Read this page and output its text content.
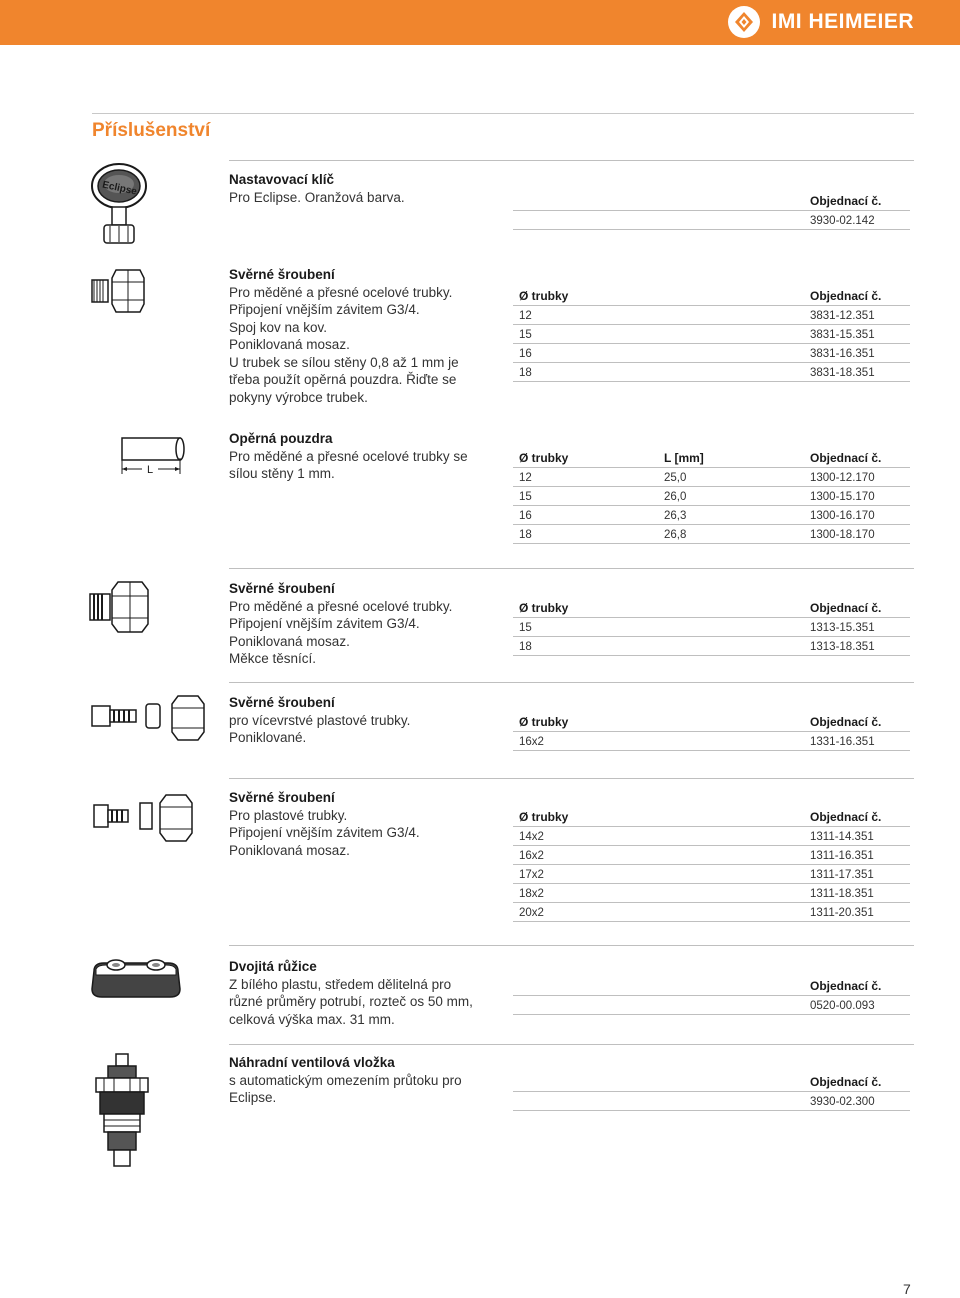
IMI HEIMEIER
Příslušenství
Eclipse
Nastavovací klíč
Pro Eclipse. Oranžová barva.	Objednací č.
3930-02.142
Svěrné šroubení
Pro měděné a přesné ocelové trubky.
Připojení vnějším závitem G3/4.
Spoj kov na kov.
Poniklovaná mosaz.
U trubek se sílou stěny 0,8 až 1 mm je
třeba použít opěrná pouzdra. Řiďte se
pokyny výrobce trubek.
Ø trubky	Objednací č.
12	3831-12.351
15	3831-15.351
16	3831-16.351
18	3831-18.351
L
Opěrná pouzdra
Pro měděné a přesné ocelové trubky se
sílou stěny 1 mm.
Ø trubky	L [mm]	Objednací č.
12	25,0	1300-12.170
15	26,0	1300-15.170
16	26,3	1300-16.170
18	26,8	1300-18.170
Svěrné šroubení
Pro měděné a přesné ocelové trubky.
Připojení vnějším závitem G3/4.
Poniklovaná mosaz.
Měkce těsnící.
Ø trubky	Objednací č.
15	1313-15.351
18	1313-18.351
Svěrné šroubení
pro vícevrstvé plastové trubky.
Poniklované.
Ø trubky	Objednací č.
16x2	1331-16.351
Svěrné šroubení
Pro plastové trubky.
Připojení vnějším závitem G3/4.
Poniklovaná mosaz.
Ø trubky	Objednací č.
14x2	1311-14.351
16x2	1311-16.351
17x2	1311-17.351
18x2	1311-18.351
20x2	1311-20.351
Dvojitá růžice
Z bílého plastu, středem dělitelná pro
různé průměry potrubí, rozteč os 50 mm,
celková výška max. 31 mm.
Objednací č.
0520-00.093
Náhradní ventilová vložka
s automatickým omezením průtoku pro
Eclipse.
Objednací č.
3930-02.300
7
